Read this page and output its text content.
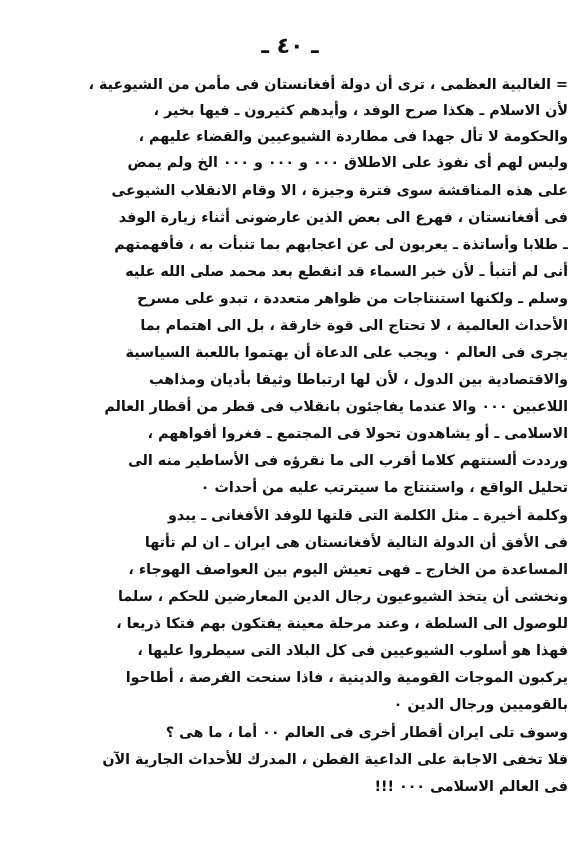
ـ ٤٠ ـ
= الغالبية العظمى ، ترى أن دولة أفغانستان فى مأمن من الشيوعية ،
لأن الاسلام ـ هكذا صرح الوفد ، وأيدهم كثيرون ـ فيها بخير ،
والحكومة لا تأل جهدا فى مطاردة الشيوعيين والقضاء عليهم ،
وليس لهم أى نفوذ على الاطلاق ٠٠٠ و ٠٠٠ و ٠٠٠ الخ ولم يمض
على هذه المناقشة سوى فترة وجيزة ، الا وقام الانقلاب الشيوعى
فى أفغانستان ، فهرع الى بعض الذين عارضونى أثناء زيارة الوفد
ـ طلابا وأساتذة ـ يعربون لى عن اعجابهم بما تنبأت به ، فأفهمتهم
أنى لم أتنبأ ـ لأن خبر السماء قد انقطع بعد محمد صلى الله عليه
وسلم ـ ولكنها استنتاجات من ظواهر متعددة ، تبدو على مسرح
الأحداث العالمية ، لا تحتاج الى قوة خارقة ، بل الى اهتمام بما
يجرى فى العالم ٠ ويجب على الدعاة أن يهتموا باللعبة السياسية
والاقتصادية بين الدول ، لأن لها ارتباطا وثيقا بأديان ومذاهب
اللاعبين ٠٠٠ والا عندما يفاجئون بانقلاب فى قطر من أقطار العالم
الاسلامى ـ أو يشاهدون تحولا فى المجتمع ـ فغروا أفواههم ،
ورددت ألسنتهم كلاما أقرب الى ما نقرؤه فى الأساطير منه الى
تحليل الواقع ، واستنتاج ما سيترتب عليه من أحداث ٠
وكلمة أخيرة ـ مثل الكلمة التى قلتها للوفد الأفغانى ـ يبدو
فى الأفق أن الدولة التالية لأفغانستان هى ايران ـ ان لم تأتها
المساعدة من الخارج ـ فهى تعيش اليوم بين العواصف الهوجاء ،
ونخشى أن يتخذ الشيوعيون رجال الدين المعارضين للحكم ، سلما
للوصول الى السلطة ، وعند مرحلة معينة يفتكون بهم فتكا ذريعا ،
فهذا هو أسلوب الشيوعيين فى كل البلاد التى سيطروا عليها ،
يركبون الموجات القومية والدينية ، فاذا سنحت الفرصة ، أطاحوا
بالقوميين ورجال الدين ٠
وسوف تلى ايران أقطار أخرى فى العالم ٠٠ أما ، ما هى ؟
فلا تخفى الاجابة على الداعية الفطن ، المدرك للأحداث الجارية الآن
فى العالم الاسلامى ٠٠٠ !!!
